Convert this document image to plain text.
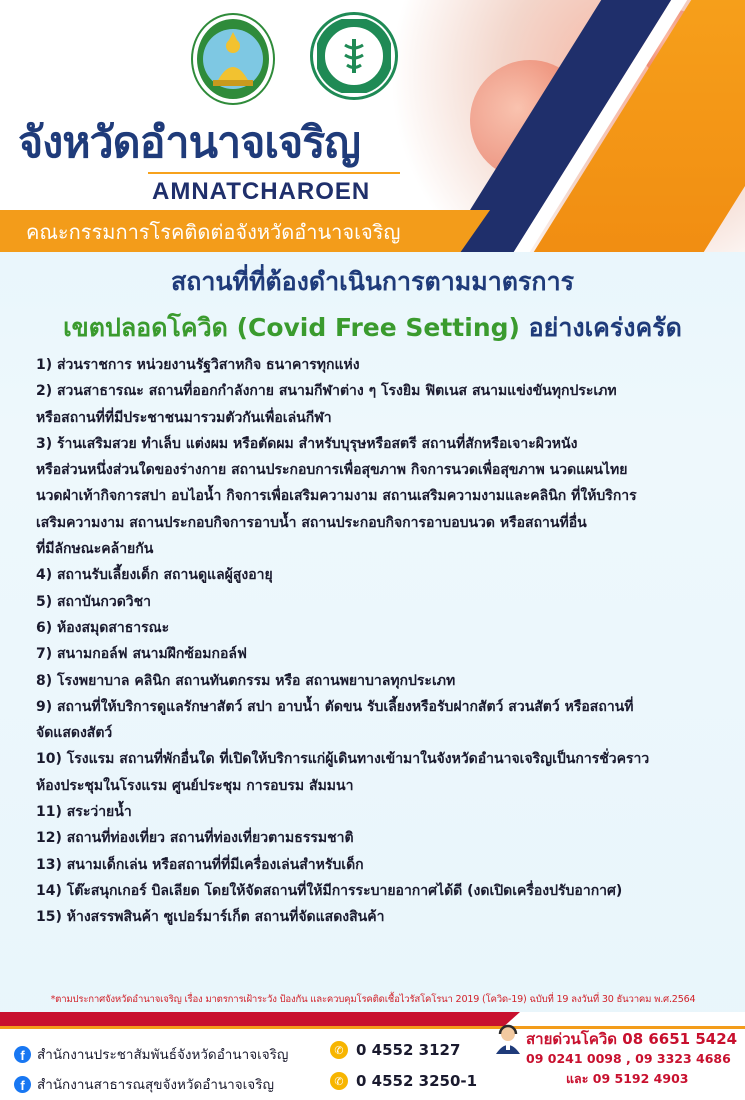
จังหวัดอำนาจเจริญ
AMNATCHAROEN
คณะกรรมการโรคติดต่อจังหวัดอำนาจเจริญ
สถานที่ที่ต้องดำเนินการตามมาตรการ
เขตปลอดโควิด (Covid Free Setting) อย่างเคร่งครัด
1) ส่วนราชการ หน่วยงานรัฐวิสาหกิจ ธนาคารทุกแห่ง
2) สวนสาธารณะ สถานที่ออกกำลังกาย สนามกีฬาต่าง ๆ โรงยิม ฟิตเนส สนามแข่งขันทุกประเภท
หรือสถานที่ที่มีประชาชนมารวมตัวกันเพื่อเล่นกีฬา
3) ร้านเสริมสวย ทำเล็บ แต่งผม หรือตัดผม สำหรับบุรุษหรือสตรี สถานที่สักหรือเจาะผิวหนัง
หรือส่วนหนึ่งส่วนใดของร่างกาย สถานประกอบการเพื่อสุขภาพ กิจการนวดเพื่อสุขภาพ นวดแผนไทย
นวดฝ่าเท้ากิจการสปา อบไอน้ำ กิจการเพื่อเสริมความงาม สถานเสริมความงามและคลินิก ที่ให้บริการ
เสริมความงาม สถานประกอบกิจการอาบน้ำ สถานประกอบกิจการอาบอบนวด หรือสถานที่อื่น
ที่มีลักษณะคล้ายกัน
4) สถานรับเลี้ยงเด็ก สถานดูแลผู้สูงอายุ
5) สถาบันกวดวิชา
6) ห้องสมุดสาธารณะ
7) สนามกอล์ฟ สนามฝึกซ้อมกอล์ฟ
8) โรงพยาบาล คลินิก สถานทันตกรรม หรือ สถานพยาบาลทุกประเภท
9) สถานที่ให้บริการดูแลรักษาสัตว์ สปา อาบน้ำ ตัดขน รับเลี้ยงหรือรับฝากสัตว์ สวนสัตว์ หรือสถานที่
จัดแสดงสัตว์
10) โรงแรม สถานที่พักอื่นใด ที่เปิดให้บริการแก่ผู้เดินทางเข้ามาในจังหวัดอำนาจเจริญเป็นการชั่วคราว
ห้องประชุมในโรงแรม ศูนย์ประชุม การอบรม สัมมนา
11) สระว่ายน้ำ
12) สถานที่ท่องเที่ยว สถานที่ท่องเที่ยวตามธรรมชาติ
13) สนามเด็กเล่น หรือสถานที่ที่มีเครื่องเล่นสำหรับเด็ก
14) โต๊ะสนุกเกอร์ บิลเลียด โดยให้จัดสถานที่ให้มีการระบายอากาศได้ดี (งดเปิดเครื่องปรับอากาศ)
15) ห้างสรรพสินค้า ซูเปอร์มาร์เก็ต สถานที่จัดแสดงสินค้า
*ตามประกาศจังหวัดอำนาจเจริญ เรื่อง มาตรการเฝ้าระวัง ป้องกัน และควบคุมโรคติดเชื้อไวรัสโคโรนา 2019 (โควิด-19) ฉบับที่ 19 ลงวันที่ 30 ธันวาคม พ.ศ.2564
f สำนักงานประชาสัมพันธ์จังหวัดอำนาจเจริญ
f สำนักงานสาธารณสุขจังหวัดอำนาจเจริญ
✆ 0 4552 3127
✆ 0 4552 3250-1
สายด่วนโควิด 08 6651 5424
09 0241 0098 , 09 3323 4686
และ 09 5192 4903
